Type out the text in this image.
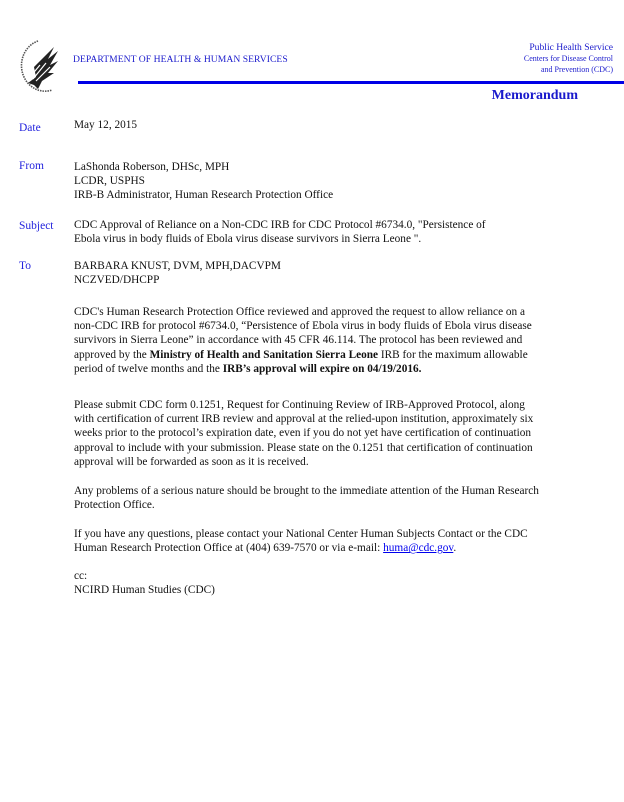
DEPARTMENT OF HEALTH & HUMAN SERVICES
Public Health Service
Centers for Disease Control
and Prevention (CDC)
Memorandum
Date	May 12, 2015
From	LaShonda Roberson, DHSc, MPH
LCDR, USPHS
IRB-B Administrator, Human Research Protection Office
Subject CDC Approval of Reliance on a Non-CDC IRB for CDC Protocol #6734.0, "Persistence of
Ebola virus in body fluids of Ebola virus disease survivors in Sierra Leone ".
To	BARBARA KNUST, DVM, MPH,DACVPM
NCZVED/DHCPP
CDC's Human Research Protection Office reviewed and approved the request to allow reliance on a non-CDC IRB for protocol #6734.0, “Persistence of Ebola virus in body fluids of Ebola virus disease survivors in Sierra Leone” in accordance with 45 CFR 46.114. The protocol has been reviewed and approved by the Ministry of Health and Sanitation Sierra Leone IRB for the maximum allowable period of twelve months and the IRB’s approval will expire on 04/19/2016.
Please submit CDC form 0.1251, Request for Continuing Review of IRB-Approved Protocol, along with certification of current IRB review and approval at the relied-upon institution, approximately six weeks prior to the protocol’s expiration date, even if you do not yet have certification of continuation approval to include with your submission. Please state on the 0.1251 that certification of continuation approval will be forwarded as soon as it is received.
Any problems of a serious nature should be brought to the immediate attention of the Human Research Protection Office.
If you have any questions, please contact your National Center Human Subjects Contact or the CDC Human Research Protection Office at (404) 639-7570 or via e-mail: huma@cdc.gov.
cc:
NCIRD Human Studies (CDC)
